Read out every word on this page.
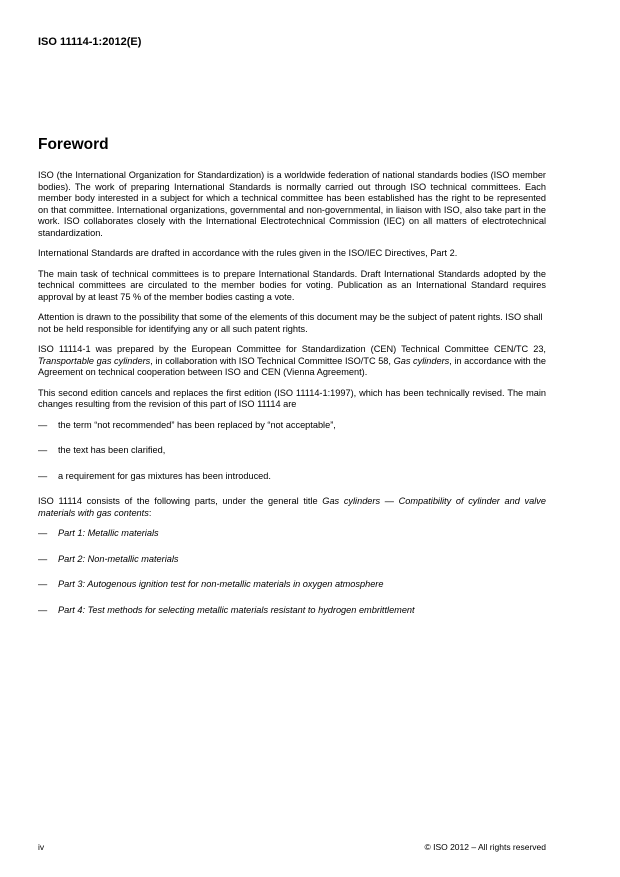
ISO 11114-1:2012(E)
Foreword

ISO (the International Organization for Standardization) is a worldwide federation of national standards bodies (ISO member bodies). The work of preparing International Standards is normally carried out through ISO technical committees. Each member body interested in a subject for which a technical committee has been established has the right to be represented on that committee. International organizations, governmental and non-governmental, in liaison with ISO, also take part in the work. ISO collaborates closely with the International Electrotechnical Commission (IEC) on all matters of electrotechnical standardization.

International Standards are drafted in accordance with the rules given in the ISO/IEC Directives, Part 2.

The main task of technical committees is to prepare International Standards. Draft International Standards adopted by the technical committees are circulated to the member bodies for voting. Publication as an International Standard requires approval by at least 75 % of the member bodies casting a vote.

Attention is drawn to the possibility that some of the elements of this document may be the subject of patent rights. ISO shall not be held responsible for identifying any or all such patent rights.

ISO 11114-1 was prepared by the European Committee for Standardization (CEN) Technical Committee CEN/TC 23, Transportable gas cylinders, in collaboration with ISO Technical Committee ISO/TC 58, Gas cylinders, in accordance with the Agreement on technical cooperation between ISO and CEN (Vienna Agreement).

This second edition cancels and replaces the first edition (ISO 11114-1:1997), which has been technically revised. The main changes resulting from the revision of this part of ISO 11114 are

— the term “not recommended” has been replaced by “not acceptable”,
— the text has been clarified,
— a requirement for gas mixtures has been introduced.

ISO 11114 consists of the following parts, under the general title Gas cylinders — Compatibility of cylinder and valve materials with gas contents:

— Part 1: Metallic materials
— Part 2: Non-metallic materials
— Part 3: Autogenous ignition test for non-metallic materials in oxygen atmosphere
— Part 4: Test methods for selecting metallic materials resistant to hydrogen embrittlement
iv	© ISO 2012 – All rights reserved
